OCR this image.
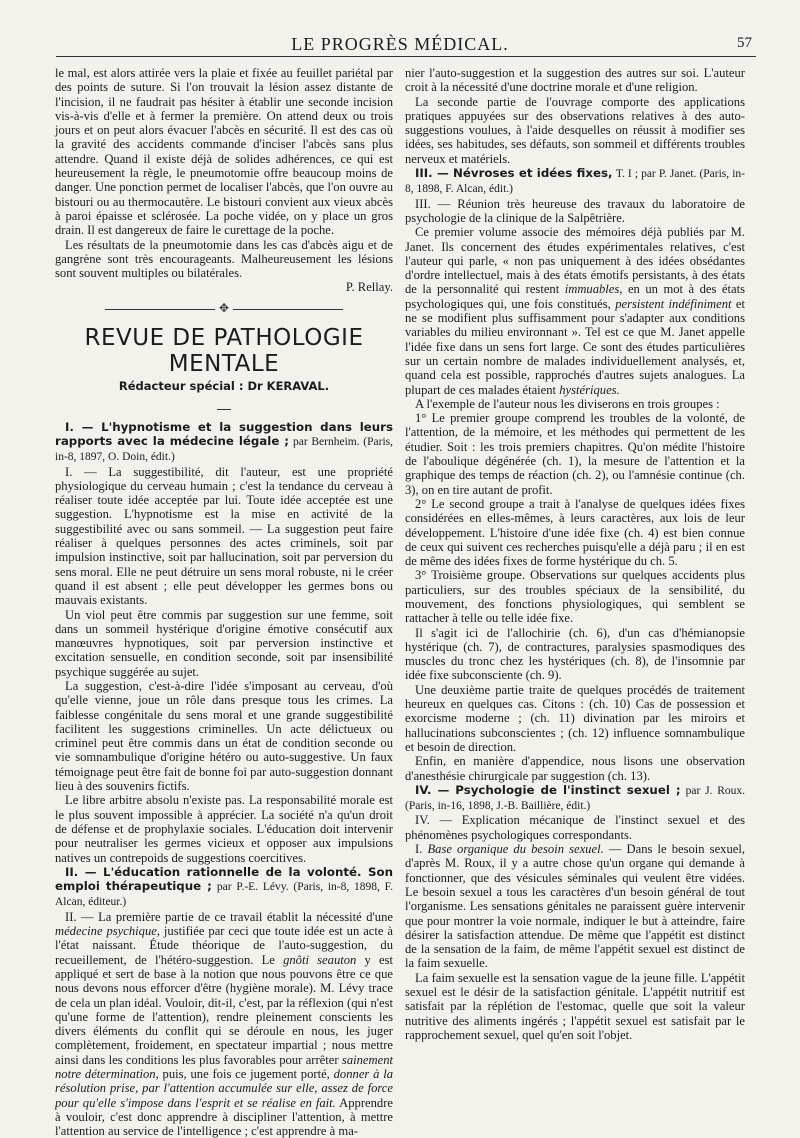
LE PROGRÈS MÉDICAL.	57

le mal, est alors attirée vers la plaie et fixée au feuillet pariétal par des points de suture. Si l'on trouvait la lésion assez distante de l'incision, il ne faudrait pas hésiter à établir une seconde incision vis-à-vis d'elle et à fermer la première. On attend deux ou trois jours et on peut alors évacuer l'abcès en sécurité. Il est des cas où la gravité des accidents commande d'inciser l'abcès sans plus attendre. Quand il existe déjà de solides adhérences, ce qui est heureusement la règle, le pneumotomie offre beaucoup moins de danger. Une ponction permet de localiser l'abcès, que l'on ouvre au bistouri ou au thermocautère. Le bistouri convient aux vieux abcès à paroi épaisse et sclérosée. La poche vidée, on y place un gros drain. Il est dangereux de faire le curettage de la poche.

Les résultats de la pneumotomie dans les cas d'abcès aigu et de gangrène sont très encourageants. Malheureusement les lésions sont souvent multiples ou bilatérales.

P. Rellay.

✥
REVUE DE PATHOLOGIE MENTALE
Rédacteur spécial : Dr KERAVAL.

I. — L'hypnotisme et la suggestion dans leurs rapports avec la médecine légale ; par Bernheim. (Paris, in-8, 1897, O. Doin, édit.)

I. — La suggestibilité, dit l'auteur, est une propriété physiologique du cerveau humain ; c'est la tendance du cerveau à réaliser toute idée acceptée par lui. Toute idée acceptée est une suggestion. L'hypnotisme est la mise en activité de la suggestibilité avec ou sans sommeil. — La suggestion peut faire réaliser à quelques personnes des actes criminels, soit par impulsion instinctive, soit par hallucination, soit par perversion du sens moral. Elle ne peut détruire un sens moral robuste, ni le créer quand il est absent ; elle peut développer les germes bons ou mauvais existants.

Un viol peut être commis par suggestion sur une femme, soit dans un sommeil hystérique d'origine émotive consécutif aux manœuvres hypnotiques, soit par perversion instinctive et excitation sensuelle, en condition seconde, soit par insensibilité psychique suggérée au sujet.

La suggestion, c'est-à-dire l'idée s'imposant au cerveau, d'où qu'elle vienne, joue un rôle dans presque tous les crimes. La faiblesse congénitale du sens moral et une grande suggestibilité facilitent les suggestions criminelles. Un acte délictueux ou criminel peut être commis dans un état de condition seconde ou vie somnambulique d'origine hétéro ou auto-suggestive. Un faux témoignage peut être fait de bonne foi par auto-suggestion donnant lieu à des souvenirs fictifs.

Le libre arbitre absolu n'existe pas. La responsabilité morale est le plus souvent impossible à apprécier. La société n'a qu'un droit de défense et de prophylaxie sociales. L'éducation doit intervenir pour neutraliser les germes vicieux et opposer aux impulsions natives un contrepoids de suggestions coercitives.

II. — L'éducation rationnelle de la volonté. Son emploi thérapeutique ; par P.-E. Lévy. (Paris, in-8, 1898, F. Alcan, éditeur.)

II. — La première partie de ce travail établit la nécessité d'une médecine psychique, justifiée par ceci que toute idée est un acte à l'état naissant. Étude théorique de l'auto-suggestion, du recueillement, de l'hétéro-suggestion. Le gnôti seauton y est appliqué et sert de base à la notion que nous pouvons être ce que nous devons nous efforcer d'être (hygiène morale). M. Lévy trace de cela un plan idéal. Vouloir, dit-il, c'est, par la réflexion (qui n'est qu'une forme de l'attention), rendre pleinement conscients les divers éléments du conflit qui se déroule en nous, les juger complètement, froidement, en spectateur impartial ; nous mettre ainsi dans les conditions les plus favorables pour arrêter sainement notre détermination, puis, une fois ce jugement porté, donner à la résolution prise, par l'attention accumulée sur elle, assez de force pour qu'elle s'impose dans l'esprit et se réalise en fait. Apprendre à vouloir, c'est donc apprendre à discipliner l'attention, à mettre l'attention au service de l'intelligence ; c'est apprendre à ma-

nier l'auto-suggestion et la suggestion des autres sur soi. L'auteur croit à la nécessité d'une doctrine morale et d'une religion.

La seconde partie de l'ouvrage comporte des applications pratiques appuyées sur des observations relatives à des auto-suggestions voulues, à l'aide desquelles on réussit à modifier ses idées, ses habitudes, ses défauts, son sommeil et différents troubles nerveux et matériels.

III. — Névroses et idées fixes, T. I ; par P. Janet. (Paris, in-8, 1898, F. Alcan, édit.)

III. — Réunion très heureuse des travaux du laboratoire de psychologie de la clinique de la Salpêtrière.

Ce premier volume associe des mémoires déjà publiés par M. Janet. Ils concernent des études expérimentales relatives, c'est l'auteur qui parle, « non pas uniquement à des idées obsédantes d'ordre intellectuel, mais à des états émotifs persistants, à des états de la personnalité qui restent immuables, en un mot à des états psychologiques qui, une fois constitués, persistent indéfiniment et ne se modifient plus suffisamment pour s'adapter aux conditions variables du milieu environnant ». Tel est ce que M. Janet appelle l'idée fixe dans un sens fort large. Ce sont des études particulières sur un certain nombre de malades individuellement analysés, et, quand cela est possible, rapprochés d'autres sujets analogues. La plupart de ces malades étaient hystériques.

A l'exemple de l'auteur nous les diviserons en trois groupes :

1° Le premier groupe comprend les troubles de la volonté, de l'attention, de la mémoire, et les méthodes qui permettent de les étudier. Soit : les trois premiers chapitres. Qu'on médite l'histoire de l'aboulique dégénérée (ch. 1), la mesure de l'attention et la graphique des temps de réaction (ch. 2), ou l'amnésie continue (ch. 3), on en tire autant de profit.

2° Le second groupe a trait à l'analyse de quelques idées fixes considérées en elles-mêmes, à leurs caractères, aux lois de leur développement. L'histoire d'une idée fixe (ch. 4) est bien connue de ceux qui suivent ces recherches puisqu'elle a déjà paru ; il en est de même des idées fixes de forme hystérique du ch. 5.

3° Troisième groupe. Observations sur quelques accidents plus particuliers, sur des troubles spéciaux de la sensibilité, du mouvement, des fonctions physiologiques, qui semblent se rattacher à telle ou telle idée fixe.

Il s'agit ici de l'allochirie (ch. 6), d'un cas d'hémianopsie hystérique (ch. 7), de contractures, paralysies spasmodiques des muscles du tronc chez les hystériques (ch. 8), de l'insomnie par idée fixe subconsciente (ch. 9).

Une deuxième partie traite de quelques procédés de traitement heureux en quelques cas. Citons : (ch. 10) Cas de possession et exorcisme moderne ; (ch. 11) divination par les miroirs et hallucinations subconscientes ; (ch. 12) influence somnambulique et besoin de direction.

Enfin, en manière d'appendice, nous lisons une observation d'anesthésie chirurgicale par suggestion (ch. 13).

IV. — Psychologie de l'instinct sexuel ; par J. Roux. (Paris, in-16, 1898, J.-B. Baillière, édit.)

IV. — Explication mécanique de l'instinct sexuel et des phénomènes psychologiques correspondants.

I. Base organique du besoin sexuel. — Dans le besoin sexuel, d'après M. Roux, il y a autre chose qu'un organe qui demande à fonctionner, que des vésicules séminales qui veulent être vidées. Le besoin sexuel a tous les caractères d'un besoin général de tout l'organisme. Les sensations génitales ne paraissent guère intervenir que pour montrer la voie normale, indiquer le but à atteindre, faire désirer la satisfaction attendue. De même que l'appétit est distinct de la sensation de la faim, de même l'appétit sexuel est distinct de la faim sexuelle.

La faim sexuelle est la sensation vague de la jeune fille. L'appétit sexuel est le désir de la satisfaction génitale. L'appétit nutritif est satisfait par la réplétion de l'estomac, quelle que soit la valeur nutritive des aliments ingérés ; l'appétit sexuel est satisfait par le rapprochement sexuel, quel qu'en soit l'objet.
